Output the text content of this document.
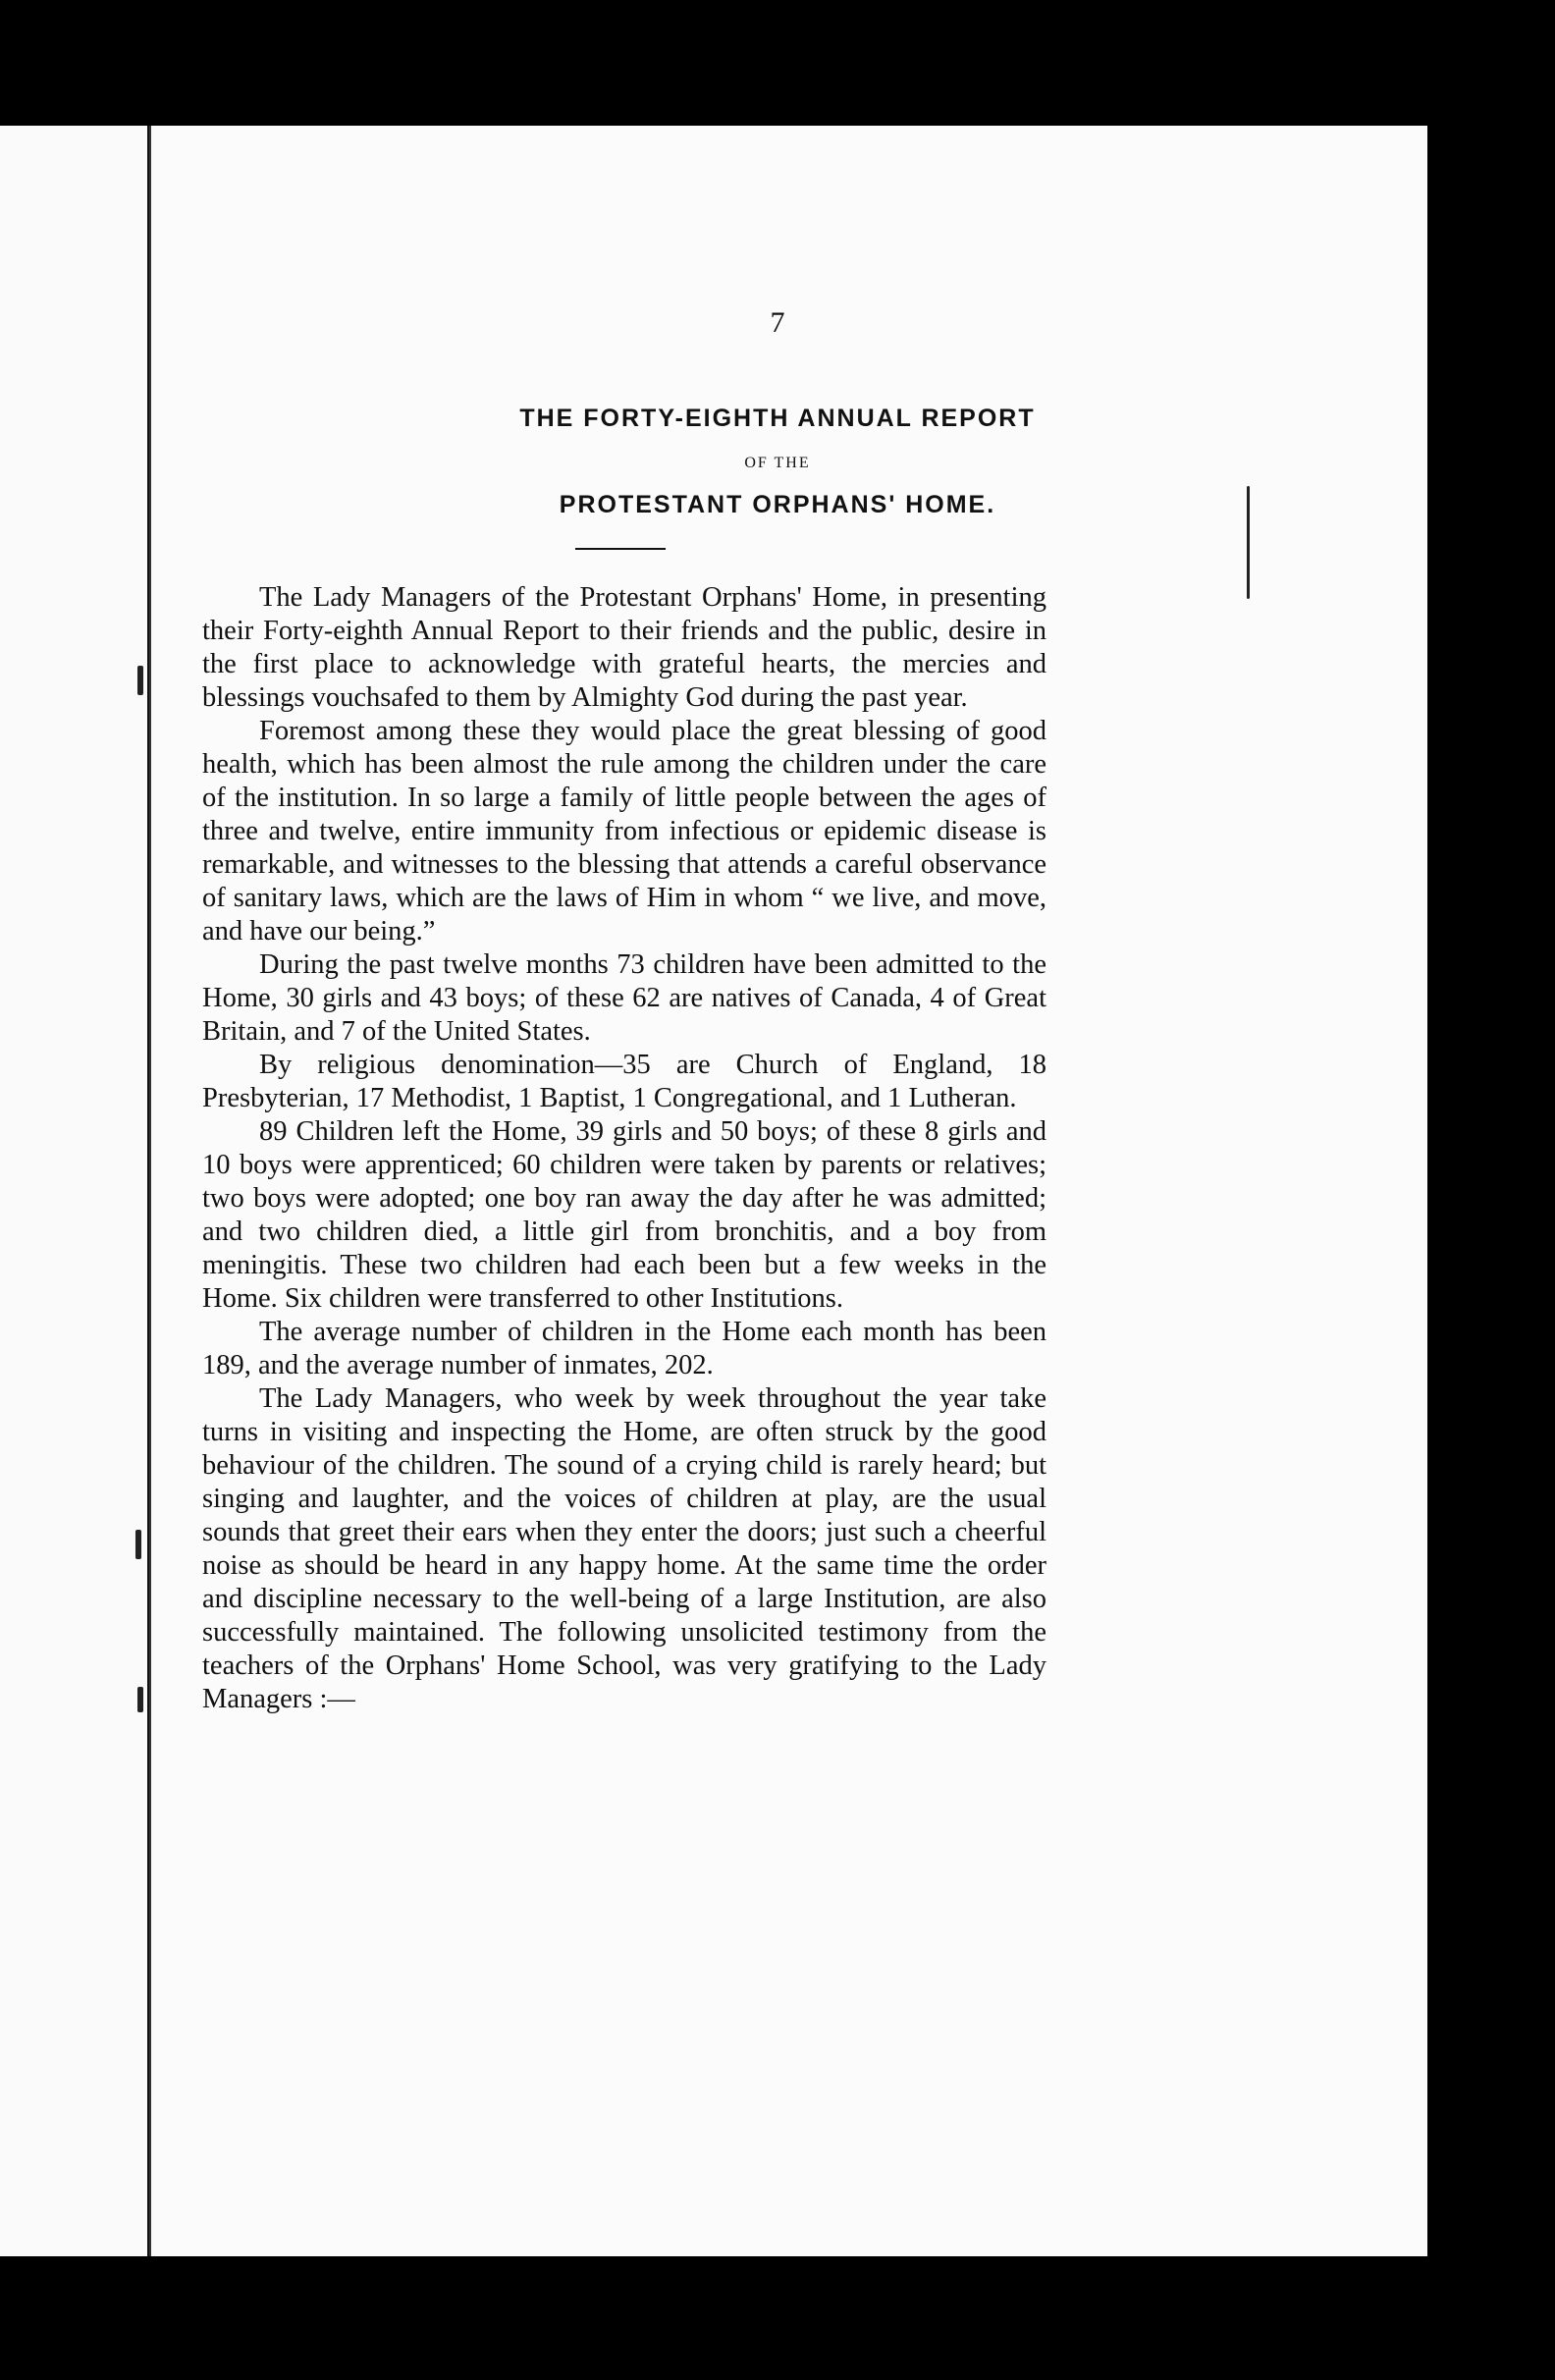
7
THE FORTY-EIGHTH ANNUAL REPORT
OF THE
PROTESTANT ORPHANS' HOME.

The Lady Managers of the Protestant Orphans' Home, in presenting their Forty-eighth Annual Report to their friends and the public, desire in the first place to acknowledge with grateful hearts, the mercies and blessings vouchsafed to them by Almighty God during the past year.

Foremost among these they would place the great blessing of good health, which has been almost the rule among the children under the care of the institution. In so large a family of little people between the ages of three and twelve, entire immunity from infectious or epidemic disease is remarkable, and witnesses to the blessing that attends a careful observance of sanitary laws, which are the laws of Him in whom “ we live, and move, and have our being.”

During the past twelve months 73 children have been admitted to the Home, 30 girls and 43 boys; of these 62 are natives of Canada, 4 of Great Britain, and 7 of the United States.

By religious denomination—35 are Church of England, 18 Presbyterian, 17 Methodist, 1 Baptist, 1 Congregational, and 1 Lutheran.

89 Children left the Home, 39 girls and 50 boys; of these 8 girls and 10 boys were apprenticed; 60 children were taken by parents or relatives; two boys were adopted; one boy ran away the day after he was admitted; and two children died, a little girl from bronchitis, and a boy from meningitis. These two children had each been but a few weeks in the Home. Six children were transferred to other Institutions.

The average number of children in the Home each month has been 189, and the average number of inmates, 202.

The Lady Managers, who week by week throughout the year take turns in visiting and inspecting the Home, are often struck by the good behaviour of the children. The sound of a crying child is rarely heard; but singing and laughter, and the voices of children at play, are the usual sounds that greet their ears when they enter the doors; just such a cheerful noise as should be heard in any happy home. At the same time the order and discipline necessary to the well-being of a large Institution, are also successfully maintained. The following unsolicited testimony from the teachers of the Orphans' Home School, was very gratifying to the Lady Managers :—
